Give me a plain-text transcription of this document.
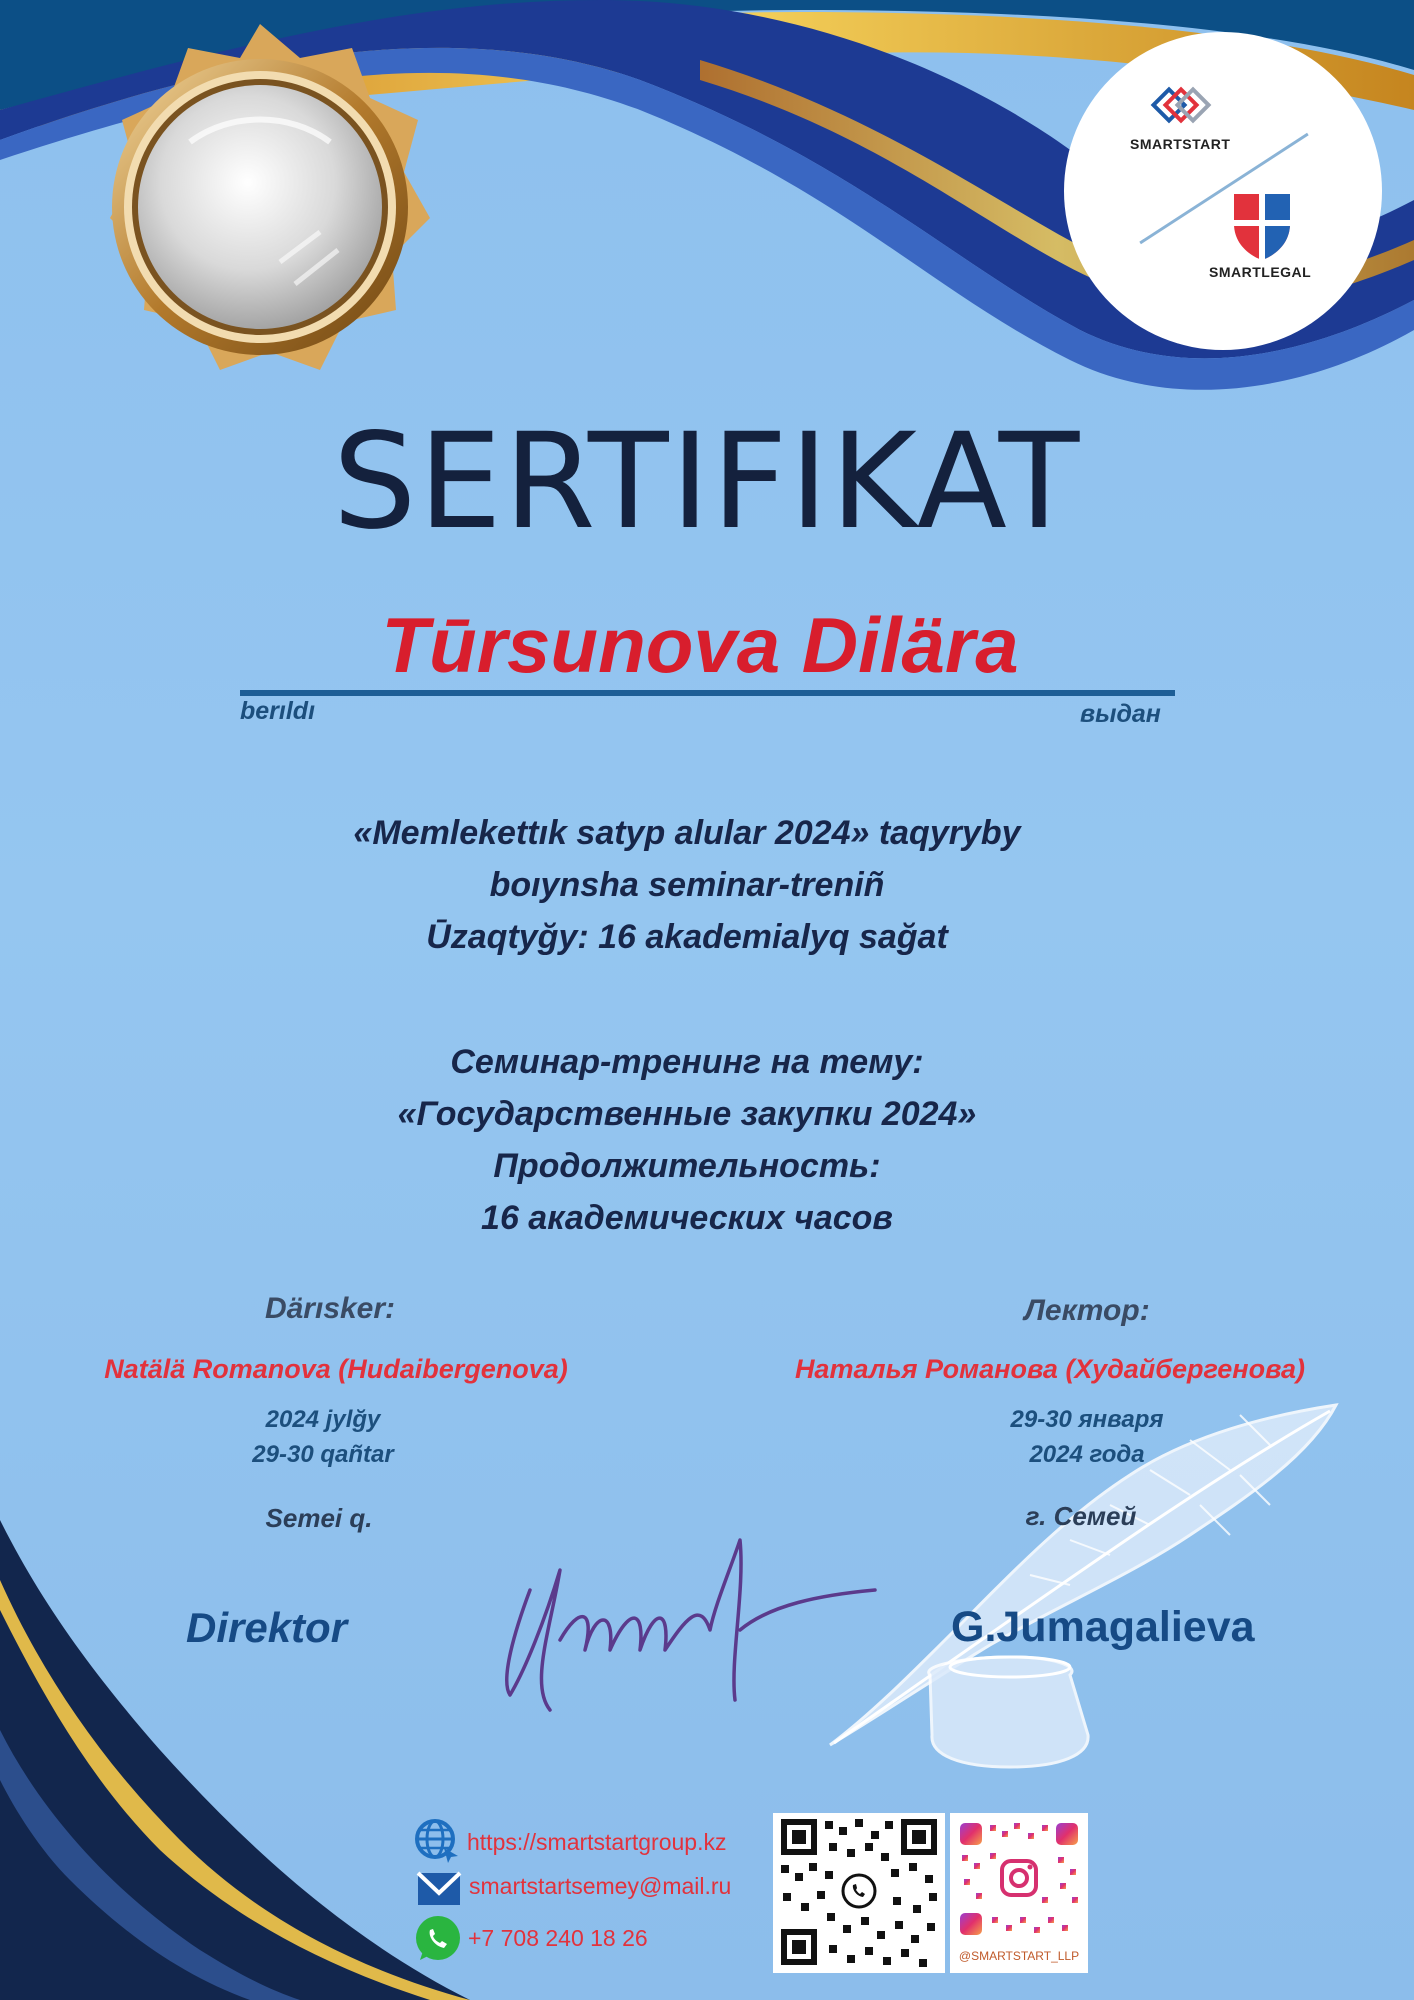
SMARTSTART
SMARTLEGAL
SERTIFIKAT
Tūrsunova Dilära
berıldı	выдан
«Memlekettık satyp alular 2024» taqyryby
boıynsha seminar-treniñ
Ūzaqtyğy: 16 akademialyq sağat
Семинар-тренинг на тему:
«Государственные закупки 2024»
Продолжительность:
16 академических часов
Därısker:
Natälä Romanova (Hudaibergenova)
2024 jylğy
29-30 qañtar
Semei q.
Лектор:
Наталья Романова (Худайбергенова)
29-30 января
2024 года
г. Семей
Direktor	G.Jumagalieva
https://smartstartgroup.kz
smartstartsemey@mail.ru
+7 708 240 18 26
@SMARTSTART_LLP
